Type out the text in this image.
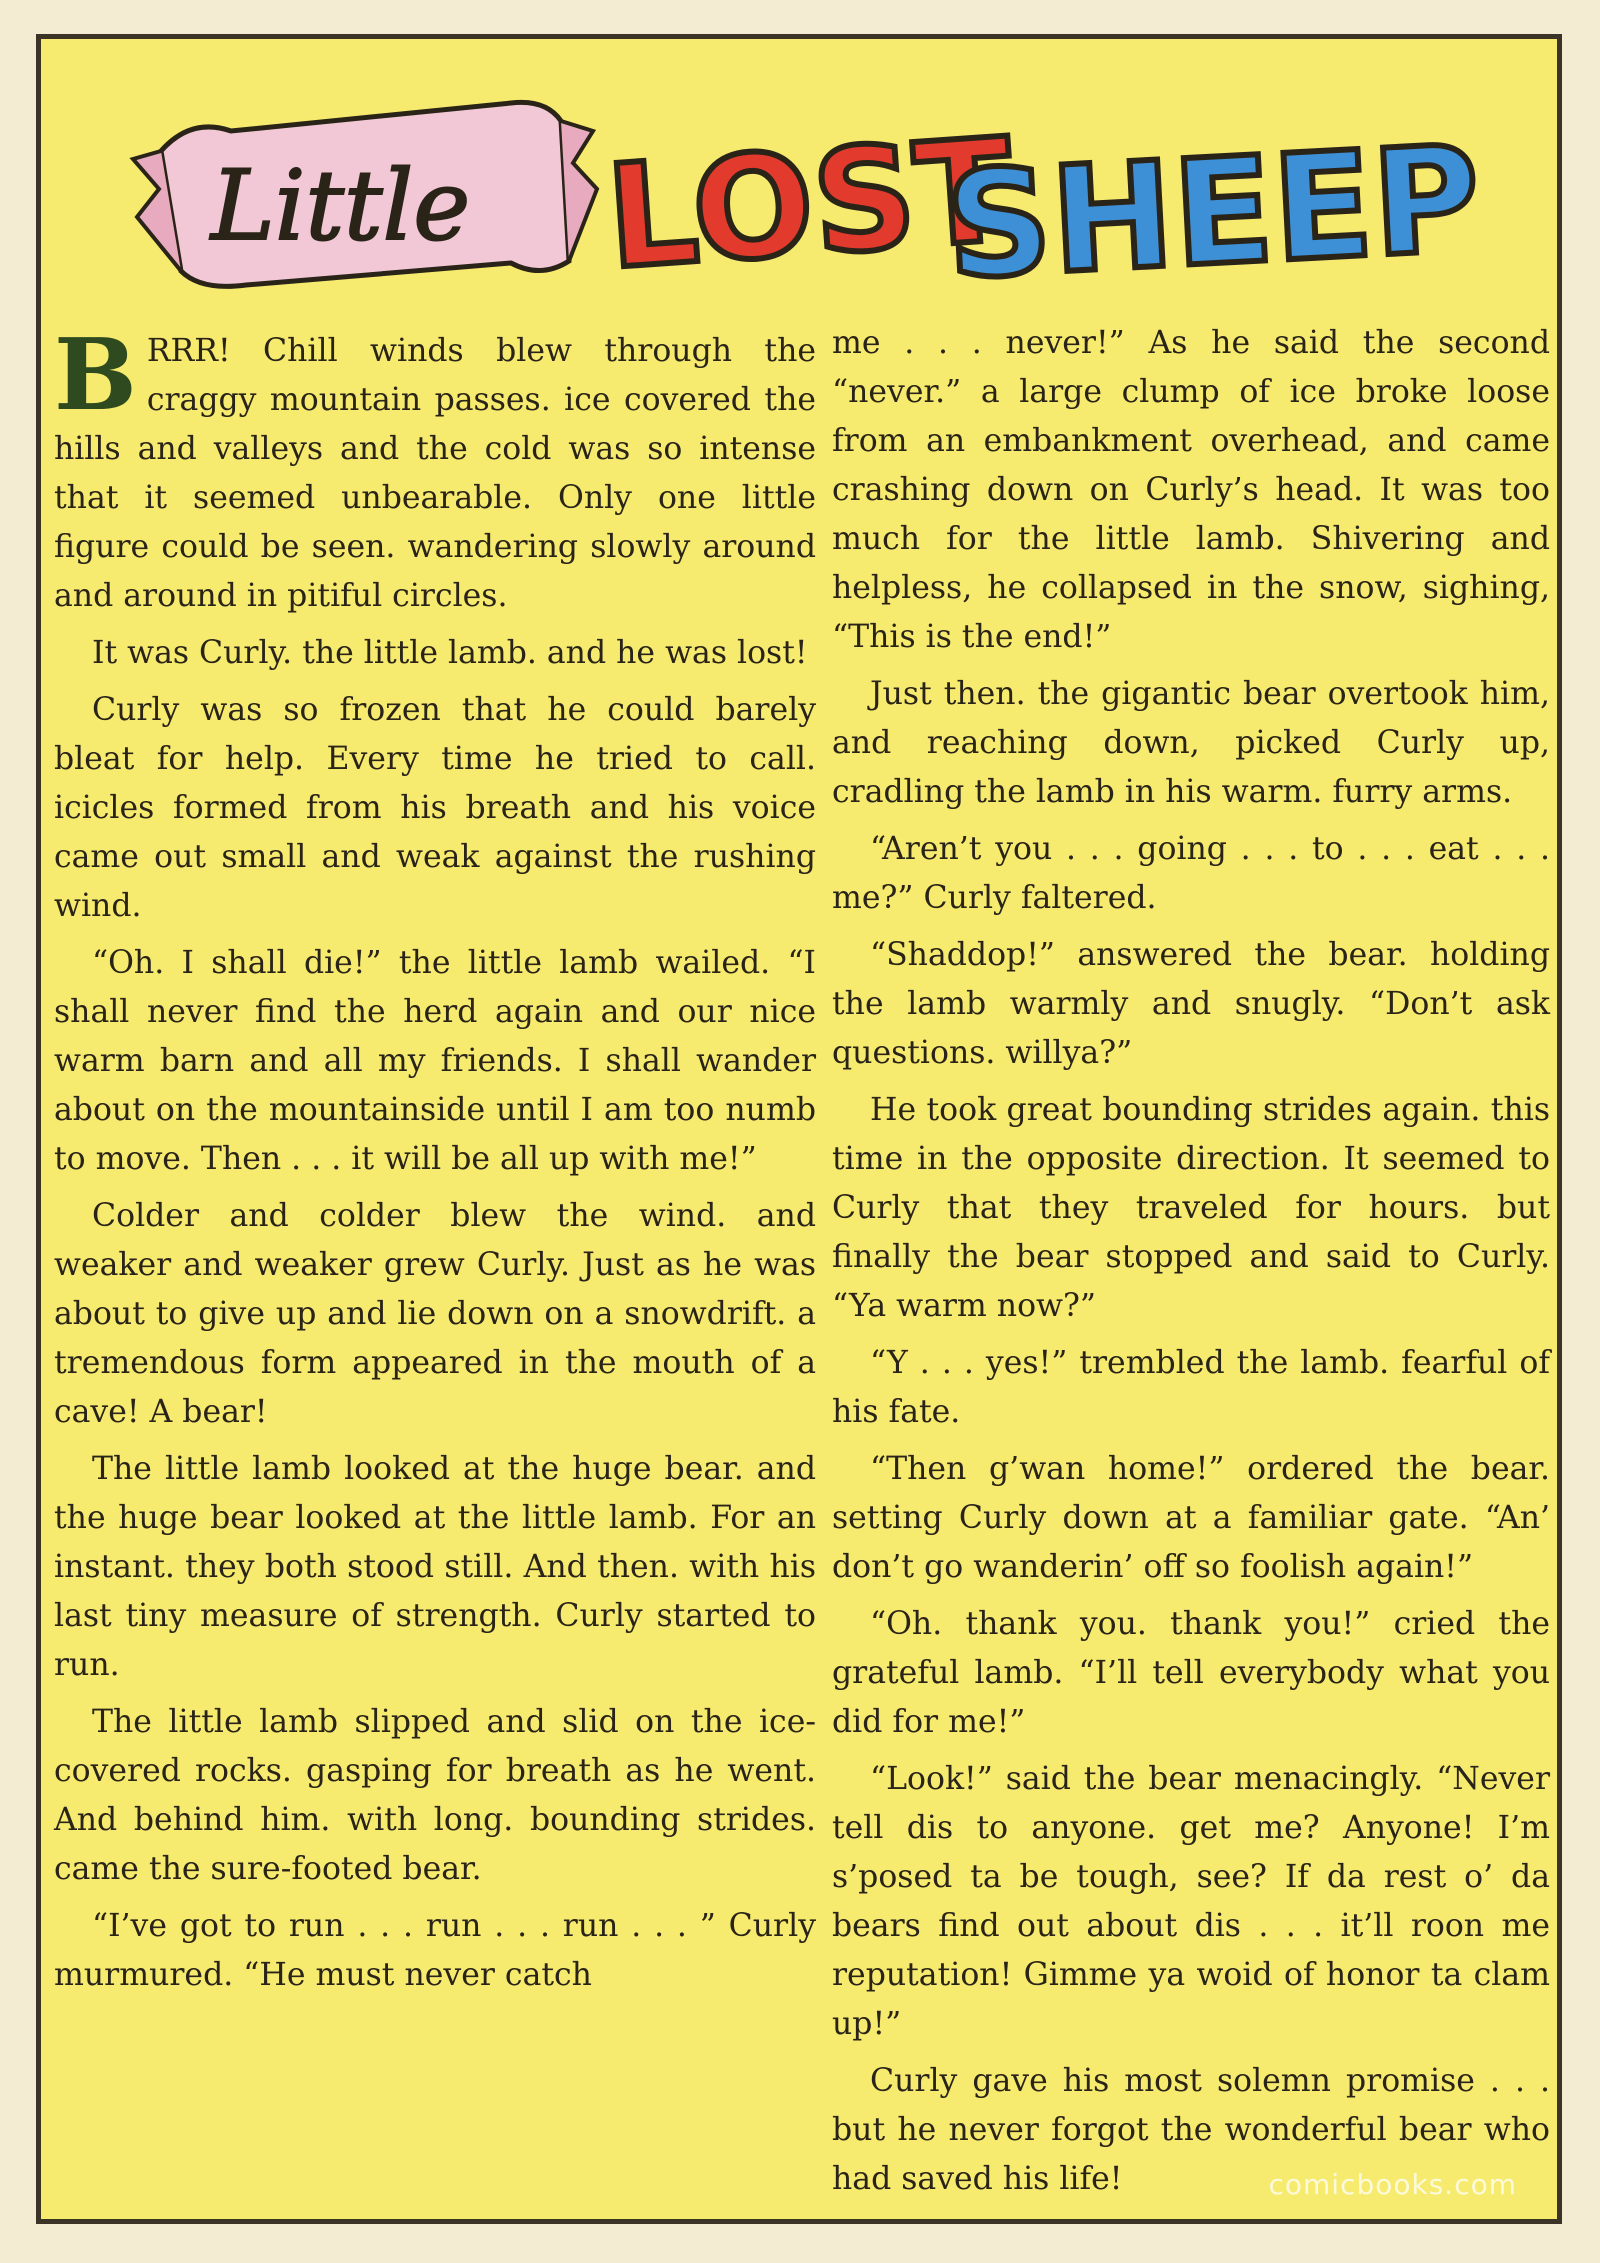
Little LOST
SHEEP

BRRR! Chill winds blew through the craggy mountain passes. ice covered the hills and valleys and the cold was so intense that it seemed unbearable. Only one little figure could be seen. wandering slowly around and around in pitiful circles.

It was Curly. the little lamb. and he was lost!

Curly was so frozen that he could barely bleat for help. Every time he tried to call. icicles formed from his breath and his voice came out small and weak against the rushing wind.

“Oh. I shall die!” the little lamb wailed. “I shall never find the herd again and our nice warm barn and all my friends. I shall wander about on the mountainside until I am too numb to move. Then . . . it will be all up with me!”

Colder and colder blew the wind. and weaker and weaker grew Curly. Just as he was about to give up and lie down on a snowdrift. a tremendous form appeared in the mouth of a cave! A bear!

The little lamb looked at the huge bear. and the huge bear looked at the little lamb. For an instant. they both stood still. And then. with his last tiny measure of strength. Curly started to run.

The little lamb slipped and slid on the ice-covered rocks. gasping for breath as he went. And behind him. with long. bounding strides. came the sure-footed bear.

“I’ve got to run . . . run . . . run . . . ” Curly murmured. “He must never catch

me . . . never!” As he said the second “never.” a large clump of ice broke loose from an embankment overhead, and came crashing down on Curly’s head. It was too much for the little lamb. Shivering and helpless, he collapsed in the snow, sighing, “This is the end!”

Just then. the gigantic bear overtook him, and reaching down, picked Curly up, cradling the lamb in his warm. furry arms.

“Aren’t you . . . going . . . to . . . eat . . . me?” Curly faltered.

“Shaddop!” answered the bear. holding the lamb warmly and snugly. “Don’t ask questions. willya?”

He took great bounding strides again. this time in the opposite direction. It seemed to Curly that they traveled for hours. but finally the bear stopped and said to Curly. “Ya warm now?”

“Y . . . yes!” trembled the lamb. fearful of his fate.

“Then g’wan home!” ordered the bear. setting Curly down at a familiar gate. “An’ don’t go wanderin’ off so foolish again!”

“Oh. thank you. thank you!” cried the grateful lamb. “I’ll tell everybody what you did for me!”

“Look!” said the bear menacingly. “Never tell dis to anyone. get me? Anyone! I’m s’posed ta be tough, see? If da rest o’ da bears find out about dis . . . it’ll roon me reputation! Gimme ya woid of honor ta clam up!”

Curly gave his most solemn promise . . . but he never forgot the wonderful bear who had saved his life!	comicbooks.com
